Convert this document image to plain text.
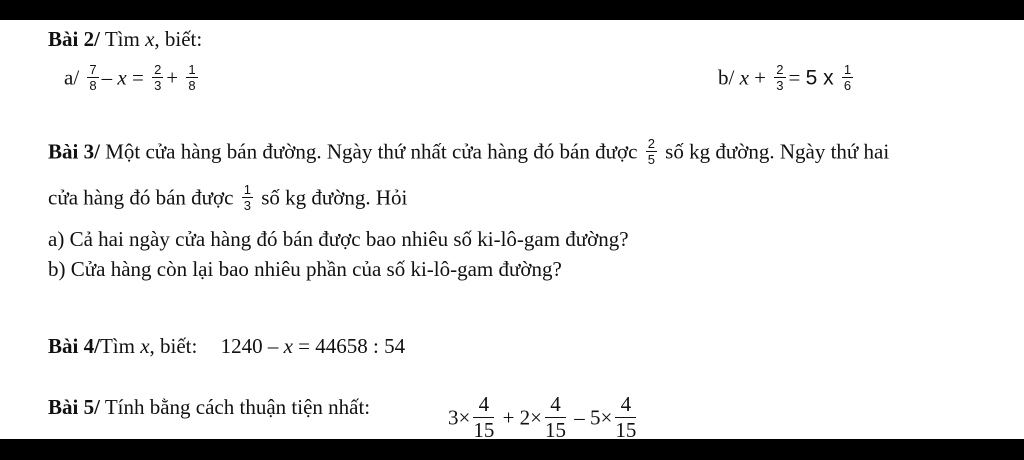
Bài 2/ Tìm x, biết:
$a/ \frac{7}{8} - x = \frac{2}{3} + \frac{1}{8}$	b/ $x + \frac{2}{3} = 5$ x $\frac{1}{6}$
Bài 3/ Một cửa hàng bán đường. Ngày thứ nhất cửa hàng đó bán được $\frac{2}{5}$ số kg đường. Ngày thứ hai
cửa hàng đó bán được $\frac{1}{3}$ số kg đường. Hỏi
a) Cả hai ngày cửa hàng đó bán được bao nhiêu số ki-lô-gam đường?
b) Cửa hàng còn lại bao nhiêu phần của số ki-lô-gam đường?
Bài 4/Tìm x, biết: 1240 – x = 44658 : 54
Bài 5/ Tính bằng cách thuận tiện nhất:	$3\times \frac{4}{15} + 2\times \frac{4}{15} - 5\times \frac{4}{15}$
